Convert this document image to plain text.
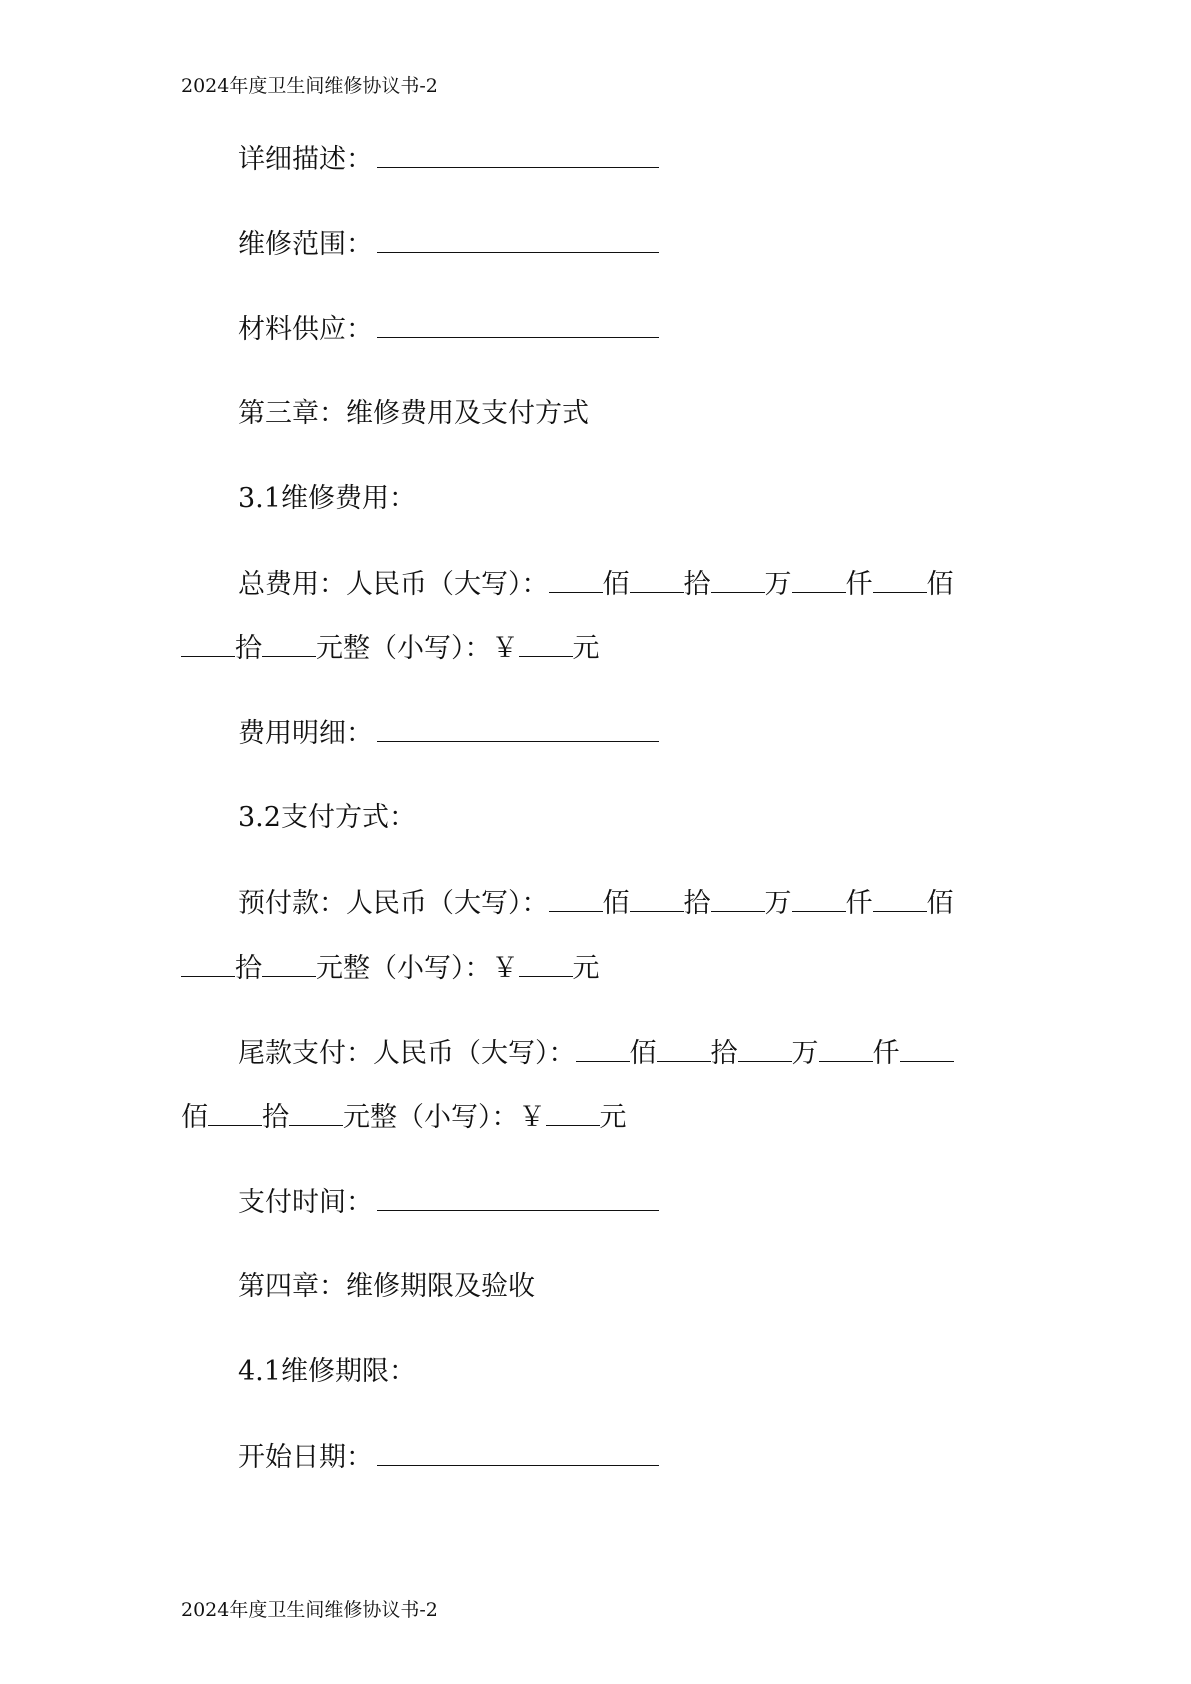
2024年度卫生间维修协议书-2
详细描述：
维修范围：
材料供应：
第三章：维修费用及支付方式
3.1维修费用：
总费用：人民币（大写）： 佰 拾 万 仟 佰
拾 元整（小写）：￥ 元
费用明细：
3.2支付方式：
预付款：人民币（大写）： 佰 拾 万 仟 佰
拾 元整（小写）：￥ 元
尾款支付：人民币（大写）： 佰 拾 万 仟
佰 拾 元整（小写）：￥ 元
支付时间：
第四章：维修期限及验收
4.1维修期限：
开始日期：
2024年度卫生间维修协议书-2
